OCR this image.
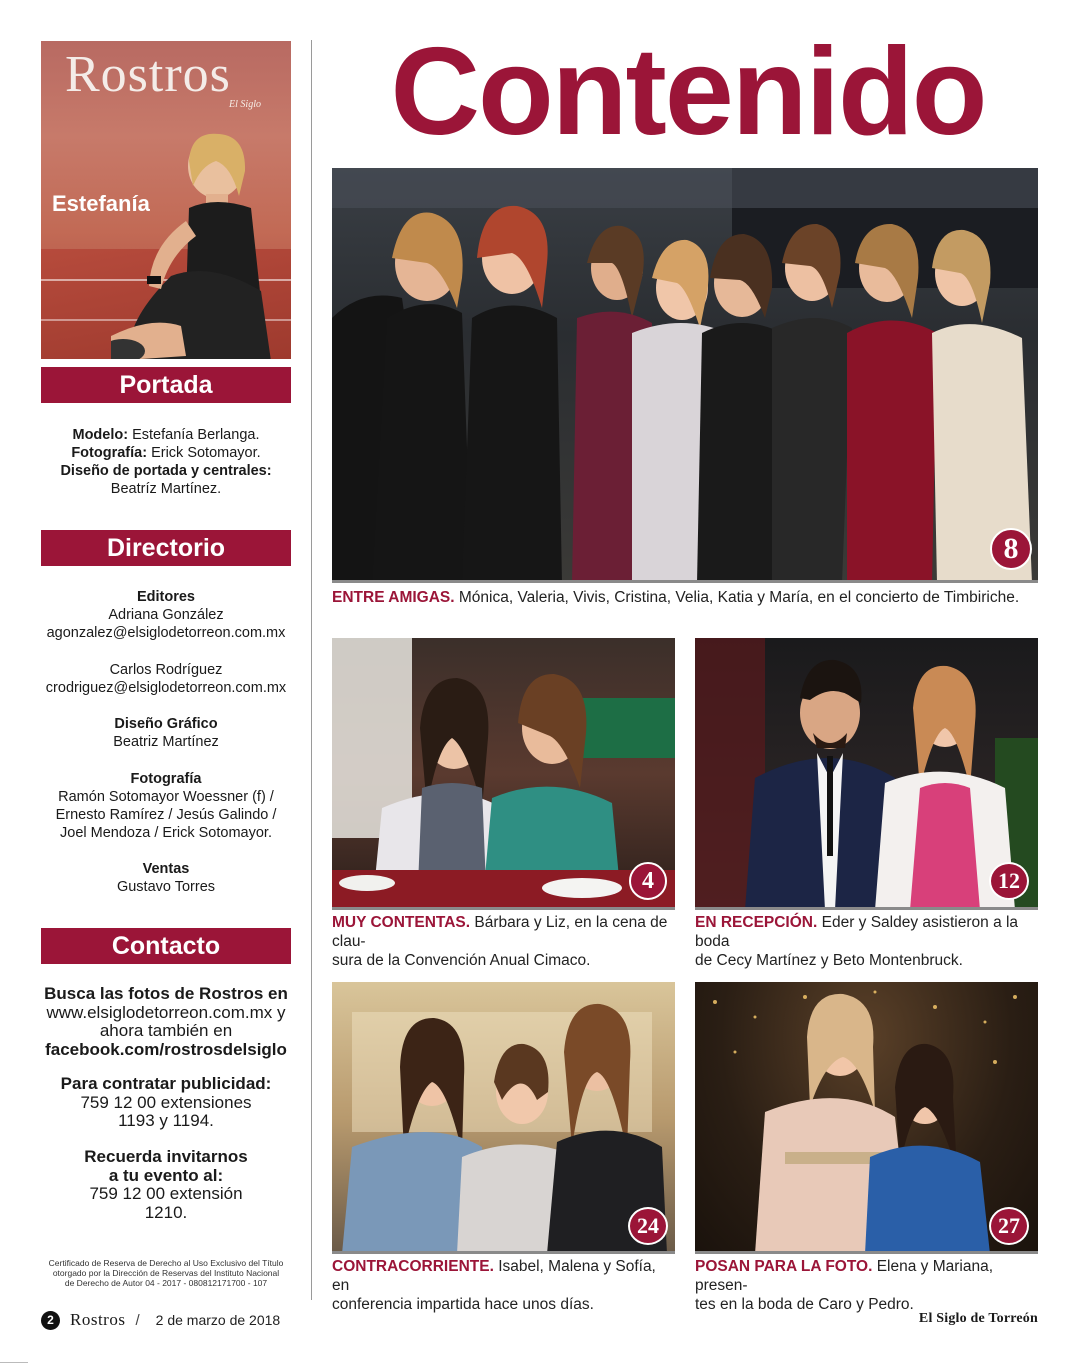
Rostros
El Siglo
Estefanía
Portada
Modelo: Estefanía Berlanga.
Fotografía: Erick Sotomayor.
Diseño de portada y centrales:
Beatríz Martínez.
Directorio
Editores
Adriana González
agonzalez@elsiglodetorreon.com.mx
Carlos Rodríguez
crodriguez@elsiglodetorreon.com.mx
Diseño Gráfico
Beatriz Martínez
Fotografía
Ramón Sotomayor Woessner (f) /
Ernesto Ramírez / Jesús Galindo /
Joel Mendoza / Erick Sotomayor.
Ventas
Gustavo Torres
Contacto
Busca las fotos de Rostros en
www.elsiglodetorreon.com.mx y
ahora también en
facebook.com/rostrosdelsiglo
Para contratar publicidad:
759 12 00 extensiones
1193 y 1194.
Recuerda invitarnos
a tu evento al:
759 12 00 extensión
1210.
Certificado de Reserva de Derecho al Uso Exclusivo del Título
otorgado por la Dirección de Reservas del Instituto Nacional
de Derecho de Autor 04 - 2017 - 080812171700 - 107
2 Rostros / 2 de marzo de 2018	El Siglo de Torreón
Contenido
8
ENTRE AMIGAS. Mónica, Valeria, Vivis, Cristina, Velia, Katia y María, en el concierto de Timbiriche.
4
MUY CONTENTAS. Bárbara y Liz, en la cena de clau-
sura de la Convención Anual Cimaco.
12
EN RECEPCIÓN. Eder y Saldey asistieron a la boda
de Cecy Martínez y Beto Montenbruck.
24
CONTRACORRIENTE. Isabel, Malena y Sofía, en
conferencia impartida hace unos días.
27
POSAN PARA LA FOTO. Elena y Mariana, presen-
tes en la boda de Caro y Pedro.
